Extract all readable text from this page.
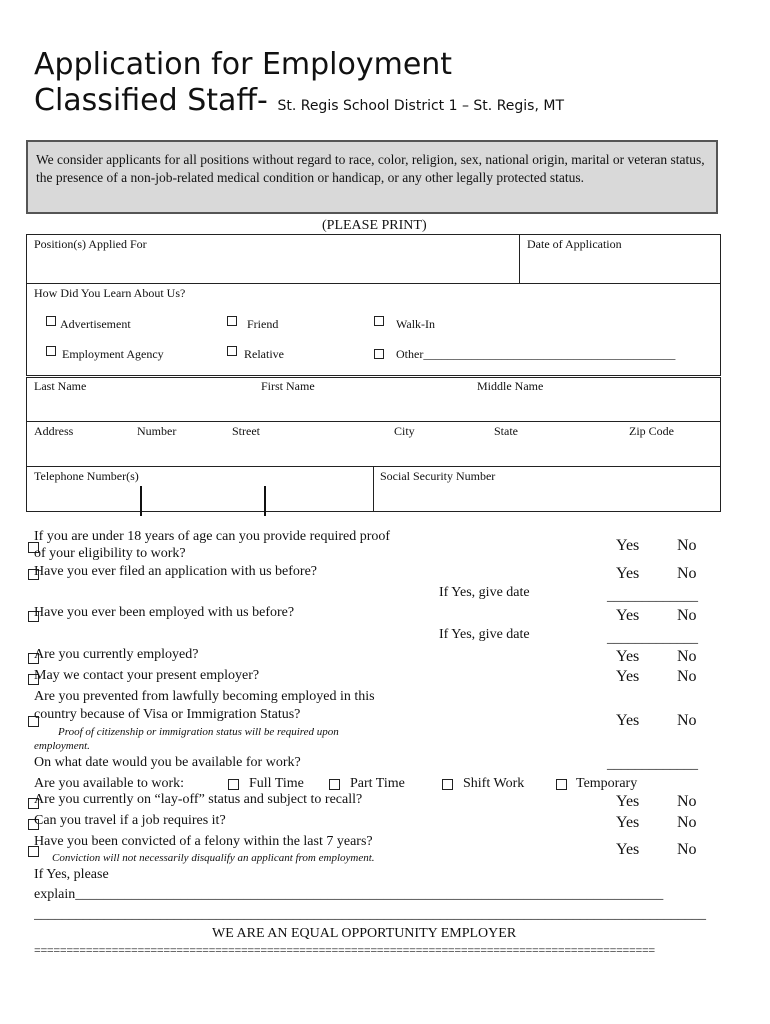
Application for Employment
Classified Staff- St. Regis School District 1 – St. Regis, MT
We consider applicants for all positions without regard to race, color, religion, sex, national origin, marital or veteran status, the presence of a non-job-related medical condition or handicap, or any other legally protected status.
(PLEASE PRINT)
Position(s) Applied For	Date of Application
How Did You Learn About Us?
Advertisement	Friend	Walk-In
Employment Agency	Relative	Other__________________________________________
Last Name	First Name	Middle Name
Address	Number	Street	City	State	Zip Code
Telephone Number(s)	Social Security Number
If you are under 18 years of age can you provide required proof
of your eligibility to work?	Yes No
Have you ever filed an application with us before?	Yes No
If Yes, give date	_____________
Have you ever been employed with us before?	Yes No
If Yes, give date	_____________
Are you currently employed?	Yes No
May we contact your present employer?	Yes No
Are you prevented from lawfully becoming employed in this
country because of Visa or Immigration Status?
Proof of citizenship or immigration status will be required upon
employment.
Yes No
On what date would you be available for work?	_____________
Are you available to work:	Full Time	Part Time	Shift Work	Temporary
Are you currently on “lay-off” status and subject to recall?	Yes No
Can you travel if a job requires it?	Yes No
Have you been convicted of a felony within the last 7 years?
Conviction will not necessarily disqualify an applicant from employment.	Yes No
If Yes, please
explain____________________________________________________________________________________
________________________________________________________________________________________________
WE ARE AN EQUAL OPPORTUNITY EMPLOYER
================================================================================================
